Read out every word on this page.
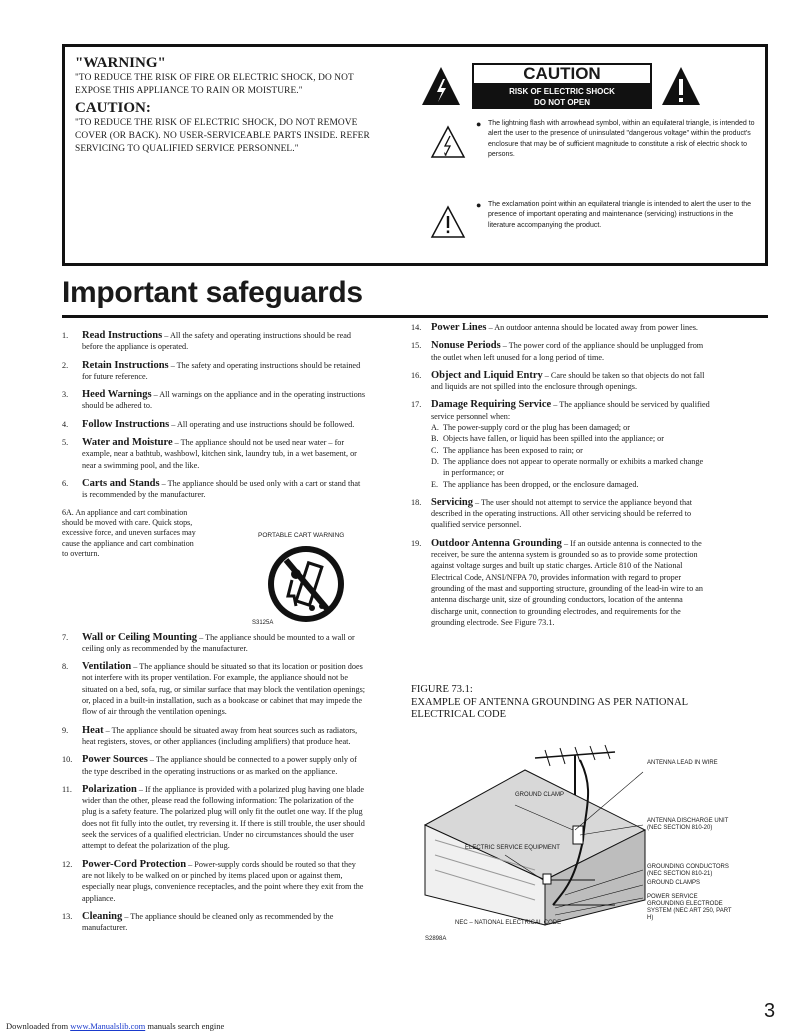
"WARNING"
"TO REDUCE THE RISK OF FIRE OR ELECTRIC SHOCK, DO NOT EXPOSE THIS APPLIANCE TO RAIN OR MOISTURE."
CAUTION:
"TO REDUCE THE RISK OF ELECTRIC SHOCK, DO NOT REMOVE COVER (OR BACK). NO USER-SERVICEABLE PARTS INSIDE. REFER SERVICING TO QUALIFIED SERVICE PERSONNEL."
CAUTION
RISK OF ELECTRIC SHOCK
DO NOT OPEN
● The lightning flash with arrowhead symbol, within an equilateral triangle, is intended to alert the user to the presence of uninsulated "dangerous voltage" within the product's enclosure that may be of sufficient magnitude to constitute a risk of electric shock to persons.
● The exclamation point within an equilateral triangle is intended to alert the user to the presence of important operating and maintenance (servicing) instructions in the literature accompanying the product.
Important safeguards
1. Read Instructions – All the safety and operating instructions should be read before the appliance is operated.
2. Retain Instructions – The safety and operating instructions should be retained for future reference.
3. Heed Warnings – All warnings on the appliance and in the operating instructions should be adhered to.
4. Follow Instructions – All operating and use instructions should be followed.
5. Water and Moisture – The appliance should not be used near water – for example, near a bathtub, washbowl, kitchen sink, laundry tub, in a wet basement, or near a swimming pool, and the like.
6. Carts and Stands – The appliance should be used only with a cart or stand that is recommended by the manufacturer.
6A. An appliance and cart combination should be moved with care. Quick stops, excessive force, and uneven surfaces may cause the appliance and cart combination to overturn.
PORTABLE CART WARNING
S3125A
7. Wall or Ceiling Mounting – The appliance should be mounted to a wall or ceiling only as recommended by the manufacturer.
8. Ventilation – The appliance should be situated so that its location or position does not interfere with its proper ventilation. For example, the appliance should not be situated on a bed, sofa, rug, or similar surface that may block the ventilation openings; or, placed in a built-in installation, such as a bookcase or cabinet that may impede the flow of air through the ventilation openings.
9. Heat – The appliance should be situated away from heat sources such as radiators, heat registers, stoves, or other appliances (including amplifiers) that produce heat.
10. Power Sources – The appliance should be connected to a power supply only of the type described in the operating instructions or as marked on the appliance.
11. Polarization – If the appliance is provided with a polarized plug having one blade wider than the other, please read the following information: The polarization of the plug is a safety feature. The polarized plug will only fit the outlet one way. If the plug does not fit fully into the outlet, try reversing it. If there is still trouble, the user should seek the services of a qualified electrician. Under no circumstances should the user attempt to defeat the polarization of the plug.
12. Power-Cord Protection – Power-supply cords should be routed so that they are not likely to be walked on or pinched by items placed upon or against them, especially near plugs, convenience receptacles, and the point where they exit from the appliance.
13. Cleaning – The appliance should be cleaned only as recommended by the manufacturer.
14. Power Lines – An outdoor antenna should be located away from power lines.
15. Nonuse Periods – The power cord of the appliance should be unplugged from the outlet when left unused for a long period of time.
16. Object and Liquid Entry – Care should be taken so that objects do not fall and liquids are not spilled into the enclosure through openings.
17. Damage Requiring Service – The appliance should be serviced by qualified service personnel when:
A. The power-supply cord or the plug has been damaged; or
B. Objects have fallen, or liquid has been spilled into the appliance; or
C. The appliance has been exposed to rain; or
D. The appliance does not appear to operate normally or exhibits a marked change in performance; or
E. The appliance has been dropped, or the enclosure damaged.
18. Servicing – The user should not attempt to service the appliance beyond that described in the operating instructions. All other servicing should be referred to qualified service personnel.
19. Outdoor Antenna Grounding – If an outside antenna is connected to the receiver, be sure the antenna system is grounded so as to provide some protection against voltage surges and built up static charges. Article 810 of the National Electrical Code, ANSI/NFPA 70, provides information with regard to proper grounding of the mast and supporting structure, grounding of the lead-in wire to an antenna discharge unit, size of grounding conductors, location of the antenna discharge unit, connection to grounding electrodes, and requirements for the grounding electrode. See Figure 73.1.
FIGURE 73.1:
EXAMPLE OF ANTENNA GROUNDING AS PER NATIONAL ELECTRICAL CODE
ANTENNA LEAD IN WIRE
GROUND CLAMP
ANTENNA DISCHARGE UNIT (NEC SECTION 810-20)
ELECTRIC SERVICE EQUIPMENT
GROUNDING CONDUCTORS (NEC SECTION 810-21)
GROUND CLAMPS
POWER SERVICE GROUNDING ELECTRODE SYSTEM (NEC ART 250, PART H)
NEC – NATIONAL ELECTRICAL CODE
S2898A
3
Downloaded from www.Manualslib.com manuals search engine
